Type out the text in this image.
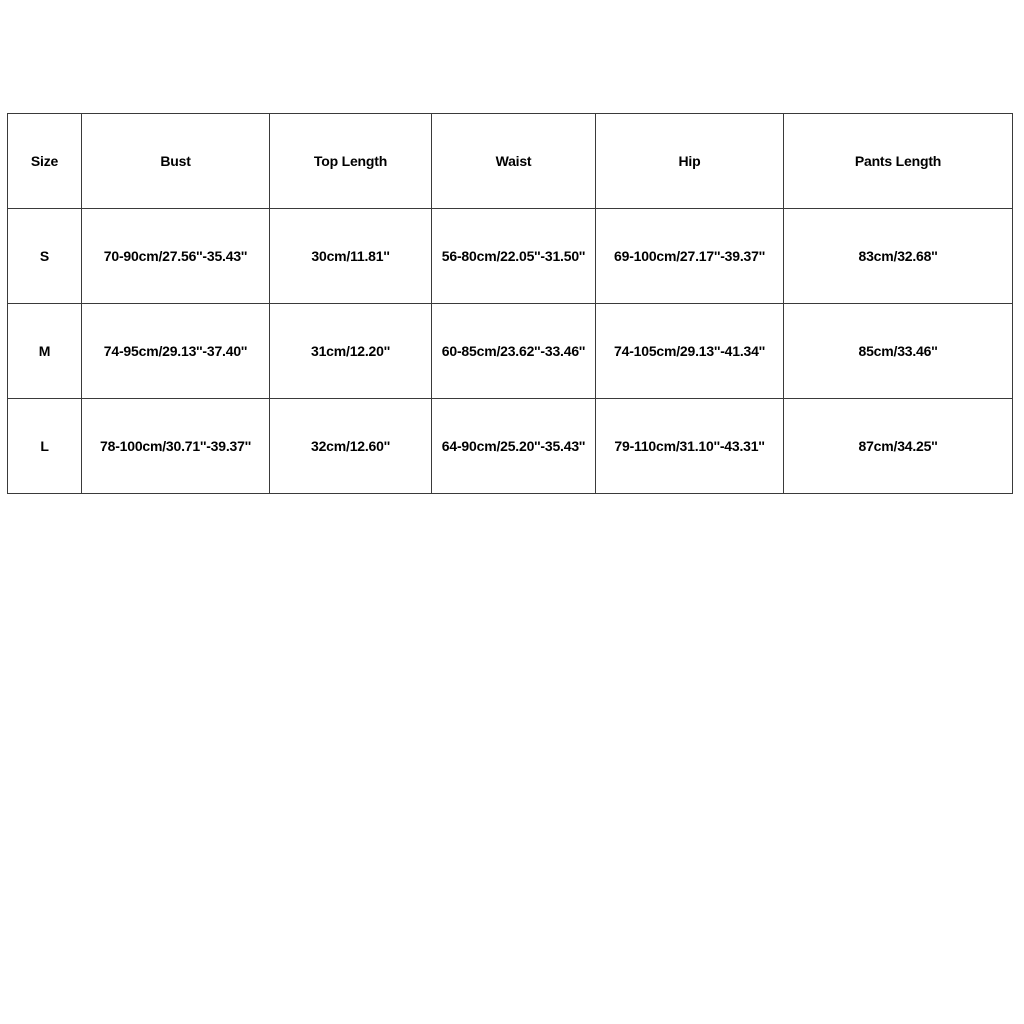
Size	Bust	Top Length	Waist	Hip	Pants Length
S	70-90cm/27.56''-35.43''	30cm/11.81''	56-80cm/22.05''-31.50''	69-100cm/27.17''-39.37''	83cm/32.68''
M	74-95cm/29.13''-37.40''	31cm/12.20''	60-85cm/23.62''-33.46''	74-105cm/29.13''-41.34''	85cm/33.46''
L	78-100cm/30.71''-39.37''	32cm/12.60''	64-90cm/25.20''-35.43''	79-110cm/31.10''-43.31''	87cm/34.25''
